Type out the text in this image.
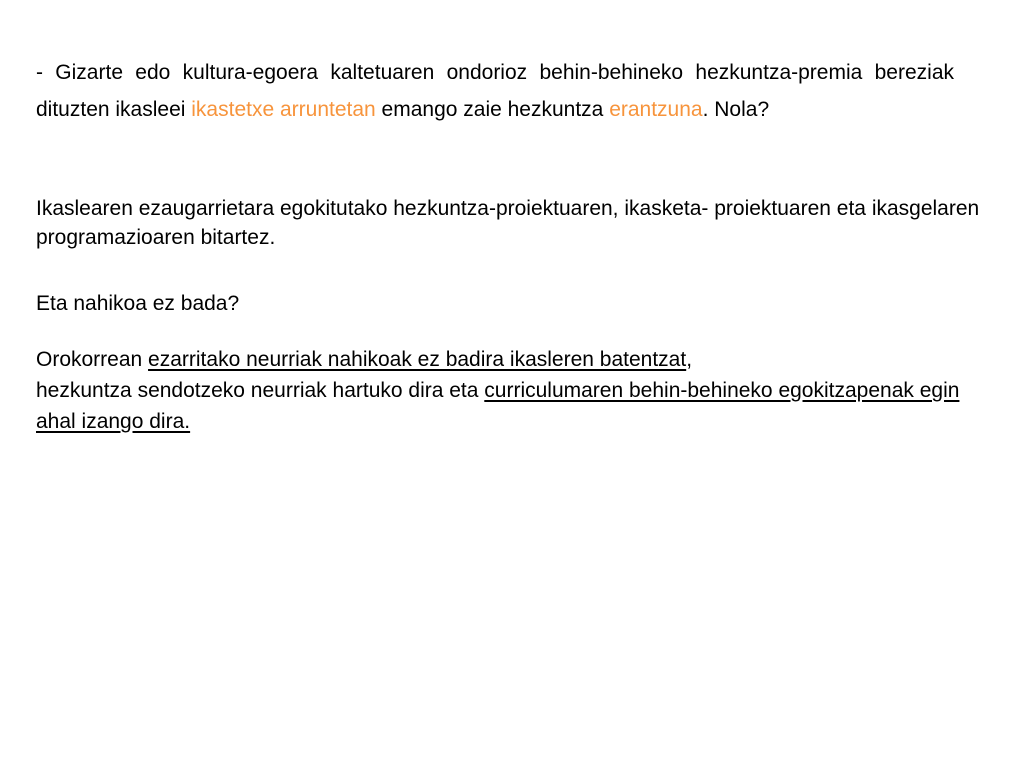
- Gizarte edo kultura-egoera kaltetuaren ondorioz behin-behineko hezkuntza-premia bereziak dituzten ikasleei ikastetxe arruntetan emango zaie hezkuntza erantzuna. Nola?

Ikaslearen ezaugarrietara egokitutako hezkuntza-proiektuaren, ikasketa- proiektuaren eta ikasgelaren programazioaren bitartez.

Eta nahikoa ez bada?

Orokorrean ezarritako neurriak nahikoak ez badira ikasleren batentzat,
hezkuntza sendotzeko neurriak hartuko dira eta curriculumaren behin-behineko egokitzapenak egin ahal izango dira.
